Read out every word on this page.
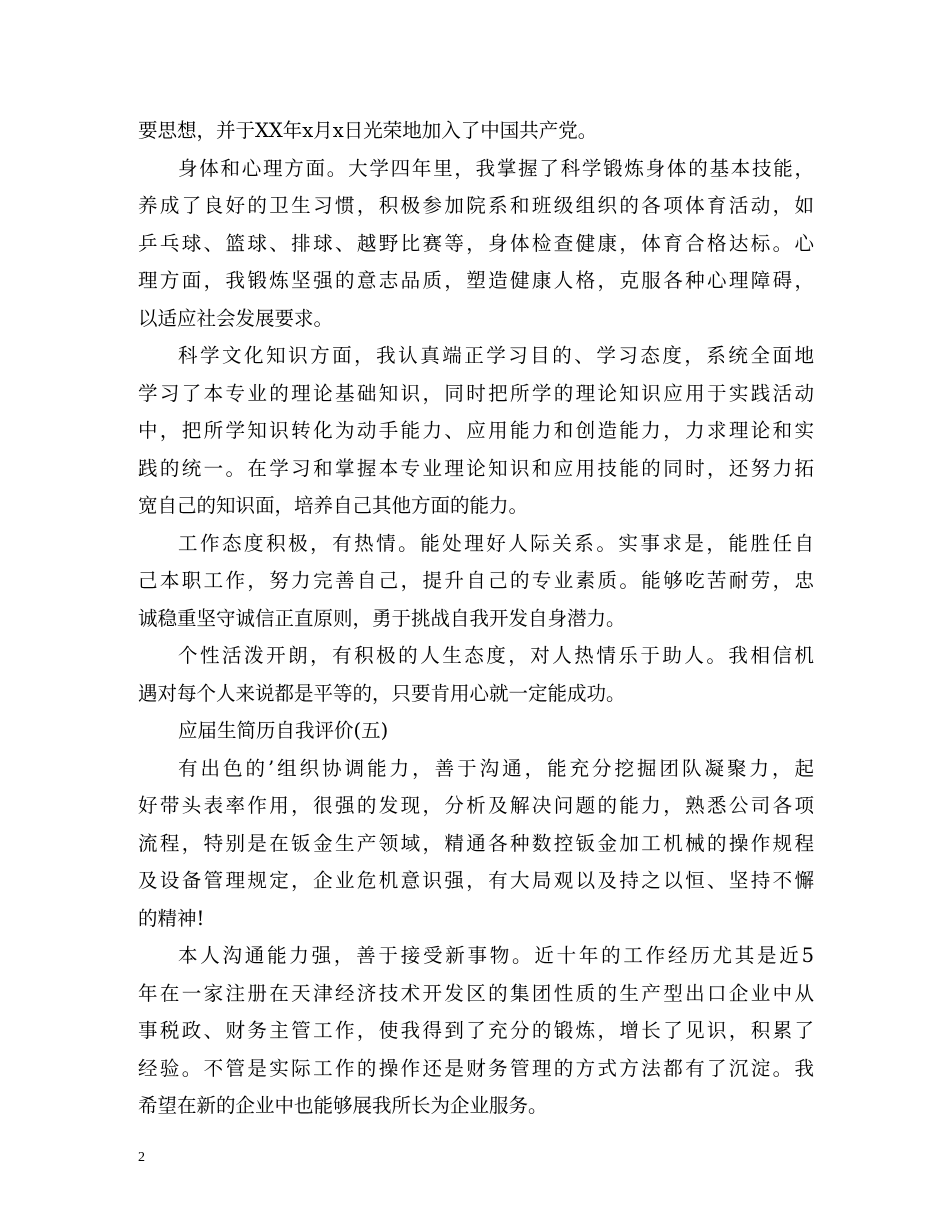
要思想，并于XX年x月x日光荣地加入了中国共产党。
身体和心理方面。大学四年里，我掌握了科学锻炼身体的基本技能，
养成了良好的卫生习惯，积极参加院系和班级组织的各项体育活动，如
乒乓球、篮球、排球、越野比赛等，身体检查健康，体育合格达标。心
理方面，我锻炼坚强的意志品质，塑造健康人格，克服各种心理障碍，
以适应社会发展要求。
科学文化知识方面，我认真端正学习目的、学习态度，系统全面地
学习了本专业的理论基础知识，同时把所学的理论知识应用于实践活动
中，把所学知识转化为动手能力、应用能力和创造能力，力求理论和实
践的统一。在学习和掌握本专业理论知识和应用技能的同时，还努力拓
宽自己的知识面，培养自己其他方面的能力。
工作态度积极，有热情。能处理好人际关系。实事求是，能胜任自
己本职工作，努力完善自己，提升自己的专业素质。能够吃苦耐劳，忠
诚稳重坚守诚信正直原则，勇于挑战自我开发自身潜力。
个性活泼开朗，有积极的人生态度，对人热情乐于助人。我相信机
遇对每个人来说都是平等的，只要肯用心就一定能成功。
应届生简历自我评价(五)
有出色的’组织协调能力，善于沟通，能充分挖掘团队凝聚力，起
好带头表率作用，很强的发现，分析及解决问题的能力，熟悉公司各项
流程，特别是在钣金生产领域，精通各种数控钣金加工机械的操作规程
及设备管理规定，企业危机意识强，有大局观以及持之以恒、坚持不懈
的精神!
本人沟通能力强，善于接受新事物。近十年的工作经历尤其是近5
年在一家注册在天津经济技术开发区的集团性质的生产型出口企业中从
事税政、财务主管工作，使我得到了充分的锻炼，增长了见识，积累了
经验。不管是实际工作的操作还是财务管理的方式方法都有了沉淀。我
希望在新的企业中也能够展我所长为企业服务。
2
